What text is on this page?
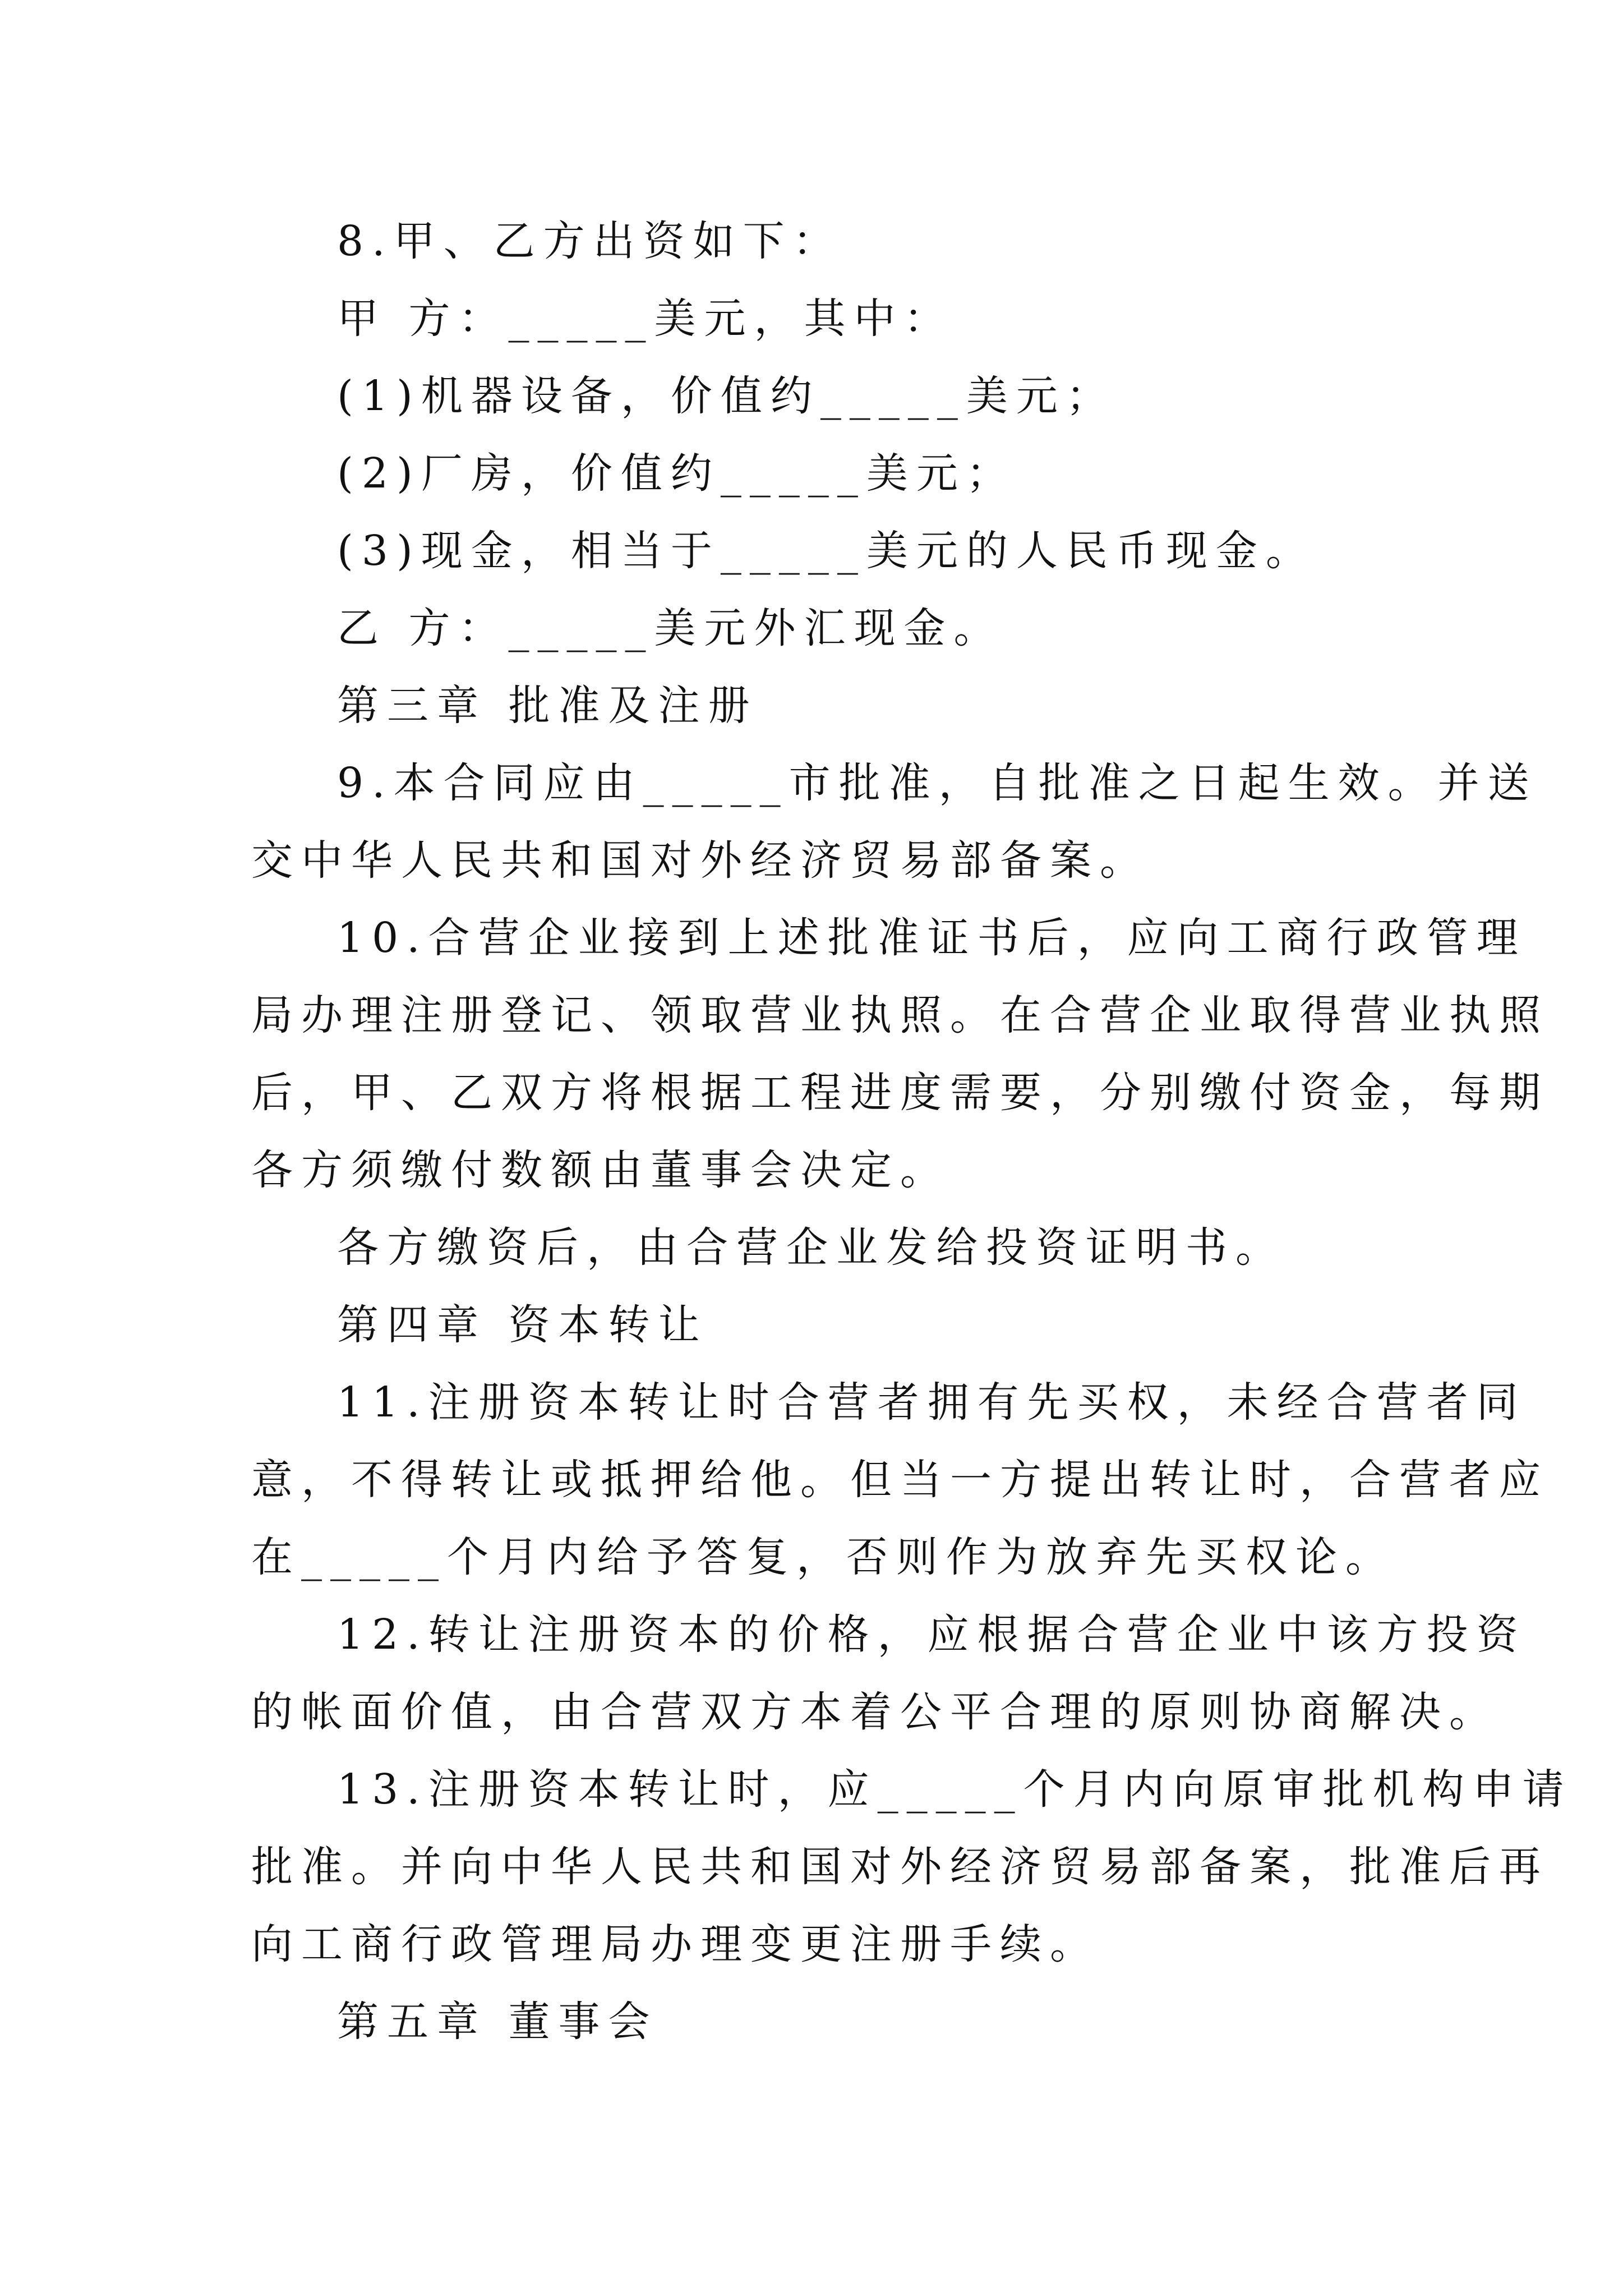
8.甲、乙方出资如下：
甲 方：_____美元，其中：
(1)机器设备，价值约_____美元；
(2)厂房，价值约_____美元；
(3)现金，相当于_____美元的人民币现金。
乙 方：_____美元外汇现金。
第三章 批准及注册
9.本合同应由_____市批准，自批准之日起生效。并送
交中华人民共和国对外经济贸易部备案。
10.合营企业接到上述批准证书后，应向工商行政管理
局办理注册登记、领取营业执照。在合营企业取得营业执照
后，甲、乙双方将根据工程进度需要，分别缴付资金，每期
各方须缴付数额由董事会决定。
各方缴资后，由合营企业发给投资证明书。
第四章 资本转让
11.注册资本转让时合营者拥有先买权，未经合营者同
意，不得转让或抵押给他。但当一方提出转让时，合营者应
在_____个月内给予答复，否则作为放弃先买权论。
12.转让注册资本的价格，应根据合营企业中该方投资
的帐面价值，由合营双方本着公平合理的原则协商解决。
13.注册资本转让时，应_____个月内向原审批机构申请
批准。并向中华人民共和国对外经济贸易部备案，批准后再
向工商行政管理局办理变更注册手续。
第五章 董事会
